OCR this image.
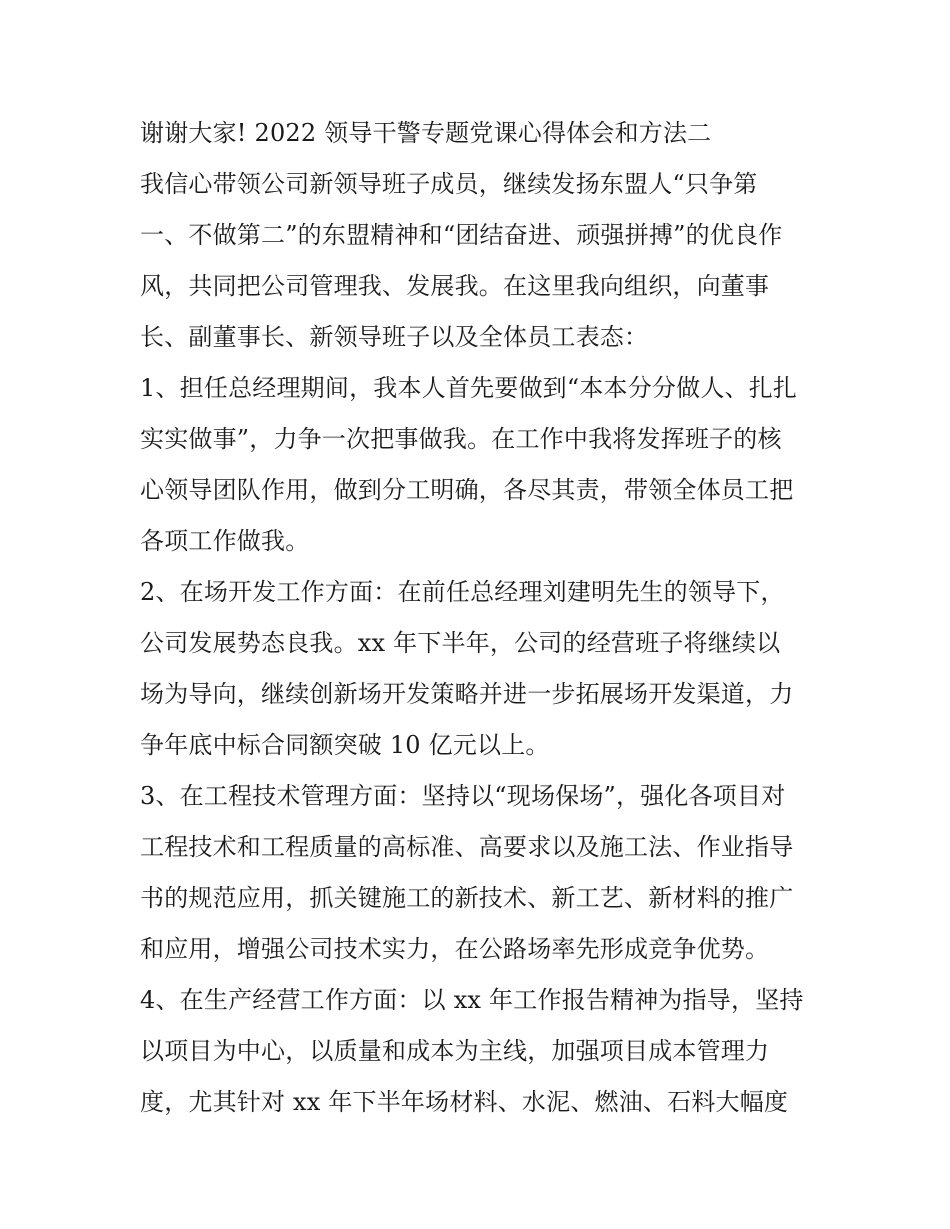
谢谢大家! 2022 领导干警专题党课心得体会和方法二
我信心带领公司新领导班子成员，继续发扬东盟人“只争第
一、不做第二”的东盟精神和“团结奋进、顽强拼搏”的优良作
风，共同把公司管理我、发展我。在这里我向组织，向董事
长、副董事长、新领导班子以及全体员工表态：
1、担任总经理期间，我本人首先要做到“本本分分做人、扎扎
实实做事”，力争一次把事做我。在工作中我将发挥班子的核
心领导团队作用，做到分工明确，各尽其责，带领全体员工把
各项工作做我。
2、在场开发工作方面：在前任总经理刘建明先生的领导下，
公司发展势态良我。xx 年下半年，公司的经营班子将继续以
场为导向，继续创新场开发策略并进一步拓展场开发渠道，力
争年底中标合同额突破 10 亿元以上。
3、在工程技术管理方面：坚持以“现场保场”，强化各项目对
工程技术和工程质量的高标准、高要求以及施工法、作业指导
书的规范应用，抓关键施工的新技术、新工艺、新材料的推广
和应用，增强公司技术实力，在公路场率先形成竞争优势。
4、在生产经营工作方面：以 xx 年工作报告精神为指导，坚持
以项目为中心，以质量和成本为主线，加强项目成本管理力
度，尤其针对 xx 年下半年场材料、水泥、燃油、石料大幅度
